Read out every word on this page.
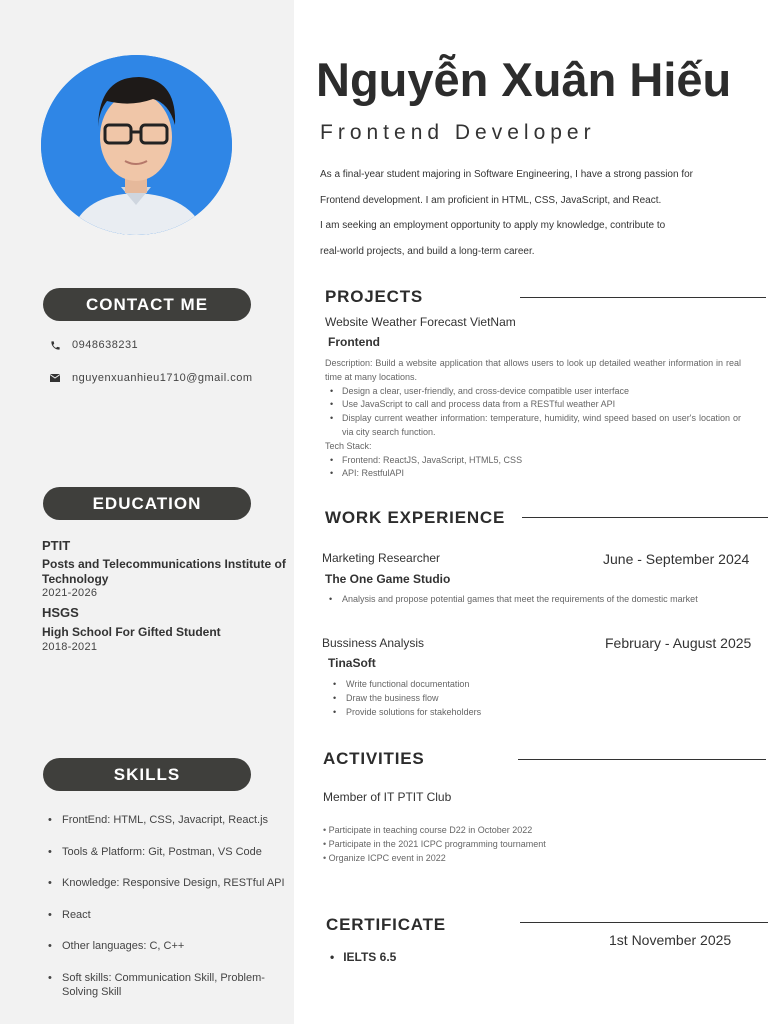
CONTACT ME
0948638231
nguyenxuanhieu1710@gmail.com
EDUCATION
PTIT
Posts and Telecommunications Institute of Technology
2021-2026
HSGS
High School For Gifted Student
2018-2021
SKILLS
• FrontEnd: HTML, CSS, Javacript, React.js
• Tools & Platform: Git, Postman, VS Code
• Knowledge: Responsive Design, RESTful API
• React
• Other languages: C, C++
• Soft skills: Communication Skill, Problem-Solving Skill
Nguyễn Xuân Hiếu
Frontend Developer

As a final-year student majoring in Software Engineering, I have a strong passion for

Frontend development. I am proficient in HTML, CSS, JavaScript, and React.

I am seeking an employment opportunity to apply my knowledge, contribute to

real-world projects, and build a long-term career.

PROJECTS
Website Weather Forecast VietNam
Frontend
Description: Build a website application that allows users to look up detailed weather information in real time at many locations.
• Design a clear, user-friendly, and cross-device compatible user interface
• Use JavaScript to call and process data from a RESTful weather API
• Display current weather information: temperature, humidity, wind speed based on user's location or via city search function.
Tech Stack:
• Frontend: ReactJS, JavaScript, HTML5, CSS
• API: RestfulAPI
WORK EXPERIENCE
Marketing Researcher	June - September 2024
The One Game Studio
• Analysis and propose potential games that meet the requirements of the domestic market
Bussiness Analysis	February - August 2025
TinaSoft
• Write functional documentation
• Draw the business flow
• Provide solutions for stakeholders
ACTIVITIES
Member of IT PTIT Club
• Participate in teaching course D22 in October 2022
• Participate in the 2021 ICPC programming tournament
• Organize ICPC event in 2022
CERTIFICATE
• IELTS 6.5
1st November 2025
